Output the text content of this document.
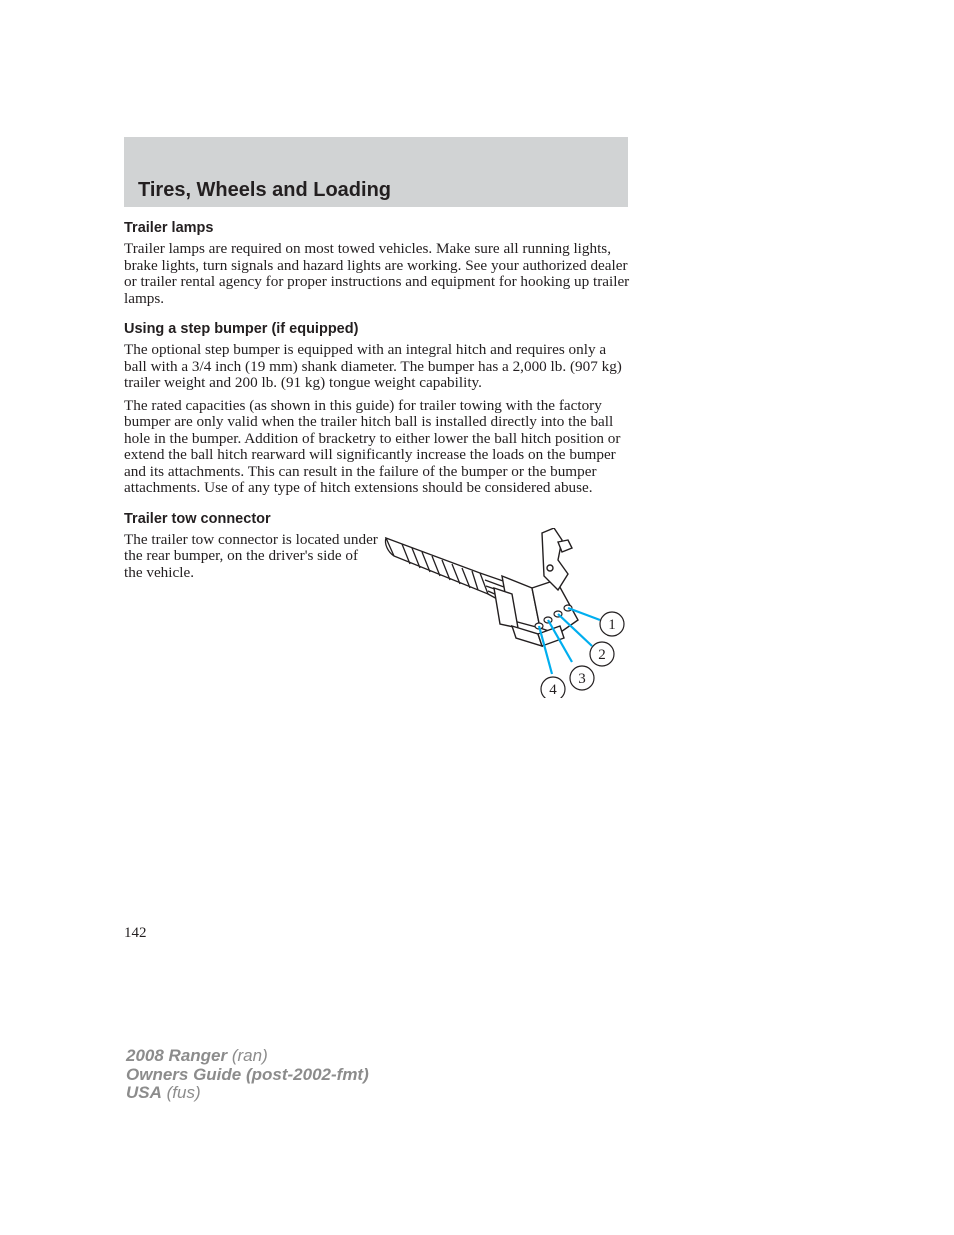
Tires, Wheels and Loading
Trailer lamps

Trailer lamps are required on most towed vehicles. Make sure all running lights, brake lights, turn signals and hazard lights are working. See your authorized dealer or trailer rental agency for proper instructions and equipment for hooking up trailer lamps.

Using a step bumper (if equipped)

The optional step bumper is equipped with an integral hitch and requires only a ball with a 3/4 inch (19 mm) shank diameter. The bumper has a 2,000 lb. (907 kg) trailer weight and 200 lb. (91 kg) tongue weight capability.

The rated capacities (as shown in this guide) for trailer towing with the factory bumper are only valid when the trailer hitch ball is installed directly into the ball hole in the bumper. Addition of bracketry to either lower the ball hitch position or extend the ball hitch rearward will significantly increase the loads on the bumper and its attachments. This can result in the failure of the bumper or the bumper attachments. Use of any type of hitch extensions should be considered abuse.

Trailer tow connector

The trailer tow connector is located under the rear bumper, on the driver's side of the vehicle.

1
2
3
4
142
2008 Ranger (ran)
Owners Guide (post-2002-fmt)
USA (fus)
